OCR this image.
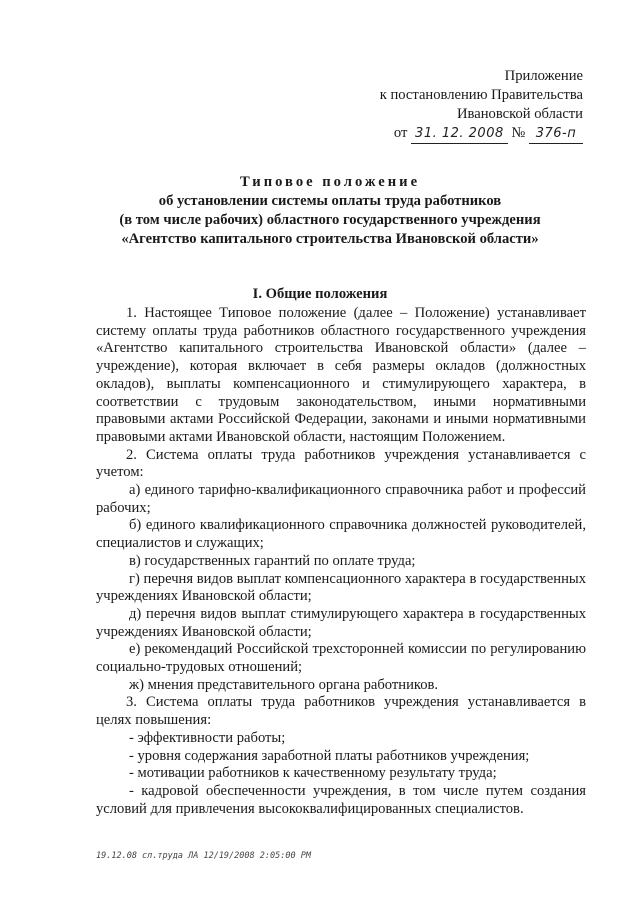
Приложение
к постановлению Правительства
Ивановской области
от 31. 12. 2008 № 376-п
Типовое положение
об установлении системы оплаты труда работников
(в том числе рабочих) областного государственного учреждения
«Агентство капитального строительства Ивановской области»
I. Общие положения

1. Настоящее Типовое положение (далее – Положение) устанавливает систему оплаты труда работников областного государственного учреждения «Агентство капитального строительства Ивановской области» (далее – учреждение), которая включает в себя размеры окладов (должностных окладов), выплаты компенсационного и стимулирующего характера, в соответствии с трудовым законодательством, иными нормативными правовыми актами Российской Федерации, законами и иными нормативными правовыми актами Ивановской области, настоящим Положением.

2. Система оплаты труда работников учреждения устанавливается с учетом:

а) единого тарифно-квалификационного справочника работ и профессий рабочих;

б) единого квалификационного справочника должностей руководителей, специалистов и служащих;

в) государственных гарантий по оплате труда;

г) перечня видов выплат компенсационного характера в государственных учреждениях Ивановской области;

д) перечня видов выплат стимулирующего характера в государственных учреждениях Ивановской области;

е) рекомендаций Российской трехсторонней комиссии по регулированию социально-трудовых отношений;

ж) мнения представительного органа работников.

3. Система оплаты труда работников учреждения устанавливается в целях повышения:

- эффективности работы;

- уровня содержания заработной платы работников учреждения;

- мотивации работников к качественному результату труда;

- кадровой обеспеченности учреждения, в том числе путем создания условий для привлечения высококвалифицированных специалистов.

19.12.08 сл.труда ЛА 12/19/2008 2:05:00 PM
